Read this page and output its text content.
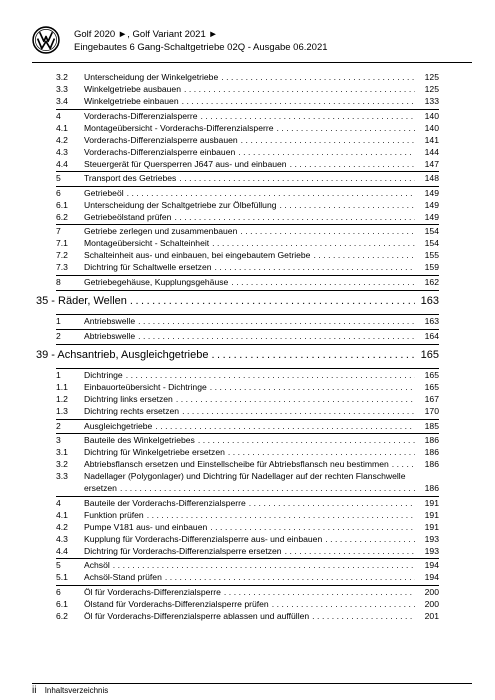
Golf 2020 ►, Golf Variant 2021 ►
Eingebautes 6 Gang-Schaltgetriebe 02Q - Ausgabe 06.2021
3.2 Unterscheidung der Winkelgetriebe .....	125
3.3 Winkelgetriebe ausbauen .....	125
3.4 Winkelgetriebe einbauen .....	133
4	Vorderachs-Differenzialsperre .....	140
4.1 Montageübersicht - Vorderachs-Differenzialsperre .....	140
4.2 Vorderachs-Differenzialsperre ausbauen .....	141
4.3 Vorderachs-Differenzialsperre einbauen .....	144
4.4 Steuergerät für Quersperren J647 aus- und einbauen .....	147
5	Transport des Getriebes .....	148
6	Getriebeöl .....	149
6.1 Unterscheidung der Schaltgetriebe zur Ölbefüllung .....	149
6.2 Getriebeölstand prüfen .....	149
7	Getriebe zerlegen und zusammenbauen .....	154
7.1 Montageübersicht - Schalteinheit .....	154
7.2 Schalteinheit aus- und einbauen, bei eingebautem Getriebe .....	155
7.3 Dichtring für Schaltwelle ersetzen .....	159
8	Getriebegehäuse, Kupplungsgehäuse .....	162
35 - Räder, Wellen .....	163
1	Antriebswelle .....	163
2	Abtriebswelle .....	164
39 - Achsantrieb, Ausgleichgetriebe .....	165
1	Dichtringe .....	165
1.1 Einbauorteübersicht - Dichtringe .....	165
1.2 Dichtring links ersetzen .....	167
1.3 Dichtring rechts ersetzen .....	170
2	Ausgleichgetriebe .....	185
3	Bauteile des Winkelgetriebes .....	186
3.1 Dichtring für Winkelgetriebe ersetzen .....	186
3.2 Abtriebsflansch ersetzen und Einstellscheibe für Abtriebsflansch neu bestimmen .....	186
3.3 Nadellager (Polygonlager) und Dichtring für Nadellager auf der rechten Flanschwelle
ersetzen .....	186
4	Bauteile der Vorderachs-Differenzialsperre .....	191
4.1 Funktion prüfen .....	191
4.2 Pumpe V181 aus- und einbauen .....	191
4.3 Kupplung für Vorderachs-Differenzialsperre aus- und einbauen .....	193
4.4 Dichtring für Vorderachs-Differenzialsperre ersetzen .....	193
5	Achsöl .....	194
5.1 Achsöl-Stand prüfen .....	194
6	Öl für Vorderachs-Differenzialsperre .....	200
6.1 Ölstand für Vorderachs-Differenzialsperre prüfen .....	200
6.2 Öl für Vorderachs-Differenzialsperre ablassen und auffüllen .....	201
ii Inhaltsverzeichnis
